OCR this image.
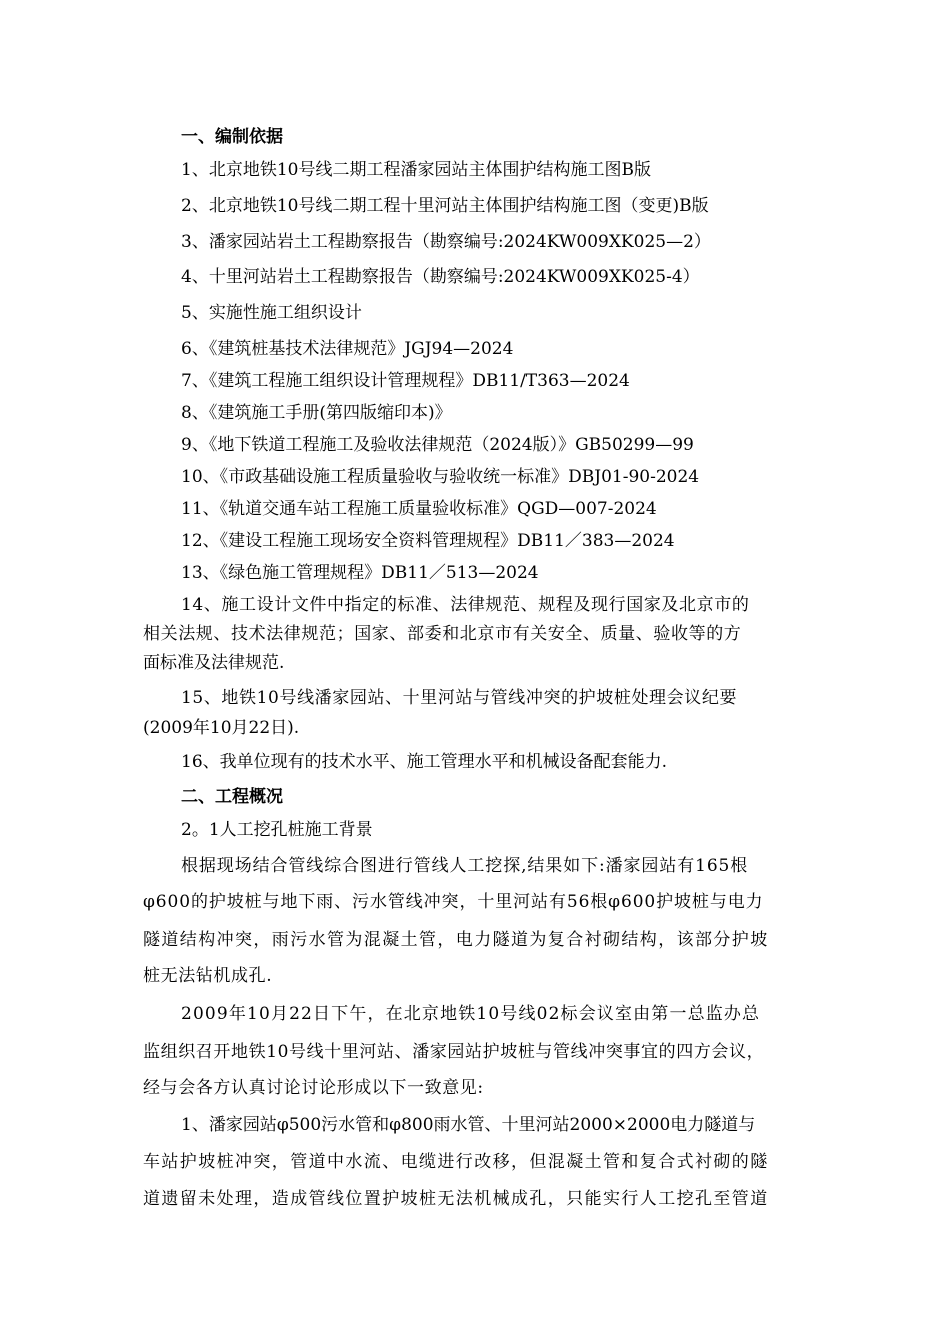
一、编制依据
1、北京地铁10号线二期工程潘家园站主体围护结构施工图B版
2、北京地铁10号线二期工程十里河站主体围护结构施工图（变更)B版
3、潘家园站岩土工程勘察报告（勘察编号:2024KW009XK025—2）
4、十里河站岩土工程勘察报告（勘察编号:2024KW009XK025-4）
5、实施性施工组织设计
6、《建筑桩基技术法律规范》JGJ94—2024
7、《建筑工程施工组织设计管理规程》DB11/T363—2024
8、《建筑施工手册(第四版缩印本)》
9、《地下铁道工程施工及验收法律规范（2024版）》GB50299—99
10、《市政基础设施工程质量验收与验收统一标准》DBJ01-90-2024
11、《轨道交通车站工程施工质量验收标准》QGD—007-2024
12、《建设工程施工现场安全资料管理规程》DB11／383—2024
13、《绿色施工管理规程》DB11／513—2024
14、施工设计文件中指定的标准、法律规范、规程及现行国家及北京市的
相关法规、技术法律规范；国家、部委和北京市有关安全、质量、验收等的方
面标准及法律规范.
15、地铁10号线潘家园站、十里河站与管线冲突的护坡桩处理会议纪要
(2009年10月22日).
16、我单位现有的技术水平、施工管理水平和机械设备配套能力.
二、工程概况
2。1人工挖孔桩施工背景
根据现场结合管线综合图进行管线人工挖探,结果如下:潘家园站有165根
φ600的护坡桩与地下雨、污水管线冲突，十里河站有56根φ600护坡桩与电力
隧道结构冲突，雨污水管为混凝土管，电力隧道为复合衬砌结构，该部分护坡
桩无法钻机成孔.
2009年10月22日下午，在北京地铁10号线02标会议室由第一总监办总
监组织召开地铁10号线十里河站、潘家园站护坡桩与管线冲突事宜的四方会议，
经与会各方认真讨论讨论形成以下一致意见:
1、潘家园站φ500污水管和φ800雨水管、十里河站2000×2000电力隧道与
车站护坡桩冲突，管道中水流、电缆进行改移，但混凝土管和复合式衬砌的隧
道遗留未处理，造成管线位置护坡桩无法机械成孔，只能实行人工挖孔至管道
